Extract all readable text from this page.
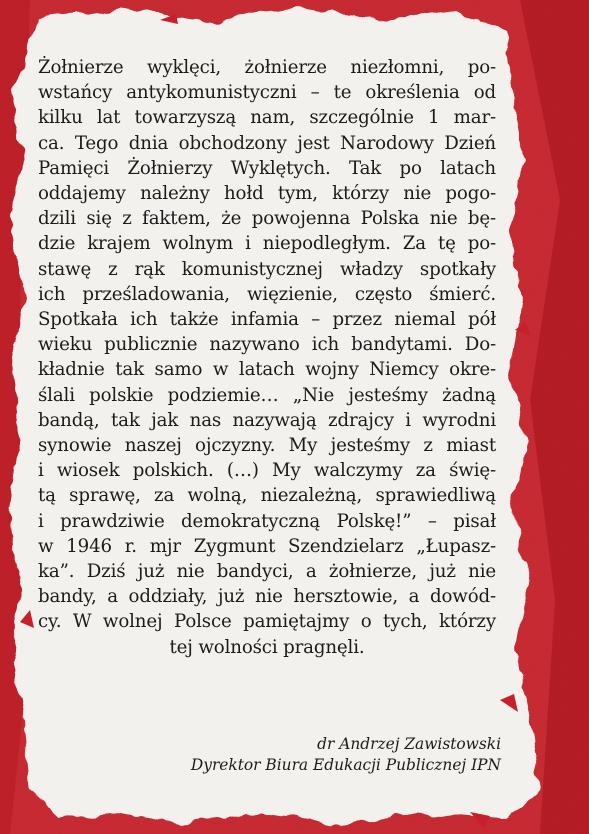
Żołnierze wyklęci, żołnierze niezłomni, po-
wstańcy antykomunistyczni – te określenia od
kilku lat towarzyszą nam, szczególnie 1 mar-
ca. Tego dnia obchodzony jest Narodowy Dzień
Pamięci Żołnierzy Wyklętych. Tak po latach
oddajemy należny hołd tym, którzy nie pogo-
dzili się z faktem, że powojenna Polska nie bę-
dzie krajem wolnym i niepodległym. Za tę po-
stawę z rąk komunistycznej władzy spotkały
ich prześladowania, więzienie, często śmierć.
Spotkała ich także infamia – przez niemal pół
wieku publicznie nazywano ich bandytami. Do-
kładnie tak samo w latach wojny Niemcy okre-
ślali polskie podziemie… „Nie jesteśmy żadną
bandą, tak jak nas nazywają zdrajcy i wyrodni
synowie naszej ojczyzny. My jesteśmy z miast
i wiosek polskich. (…) My walczymy za świę-
tą sprawę, za wolną, niezależną, sprawiedliwą
i prawdziwie demokratyczną Polskę!” – pisał
w 1946 r. mjr Zygmunt Szendzielarz „Łupasz-
ka”. Dziś już nie bandyci, a żołnierze, już nie
bandy, a oddziały, już nie hersztowie, a dowód-
cy. W wolnej Polsce pamiętajmy o tych, którzy
tej wolności pragnęli.
dr Andrzej Zawistowski
Dyrektor Biura Edukacji Publicznej IPN
